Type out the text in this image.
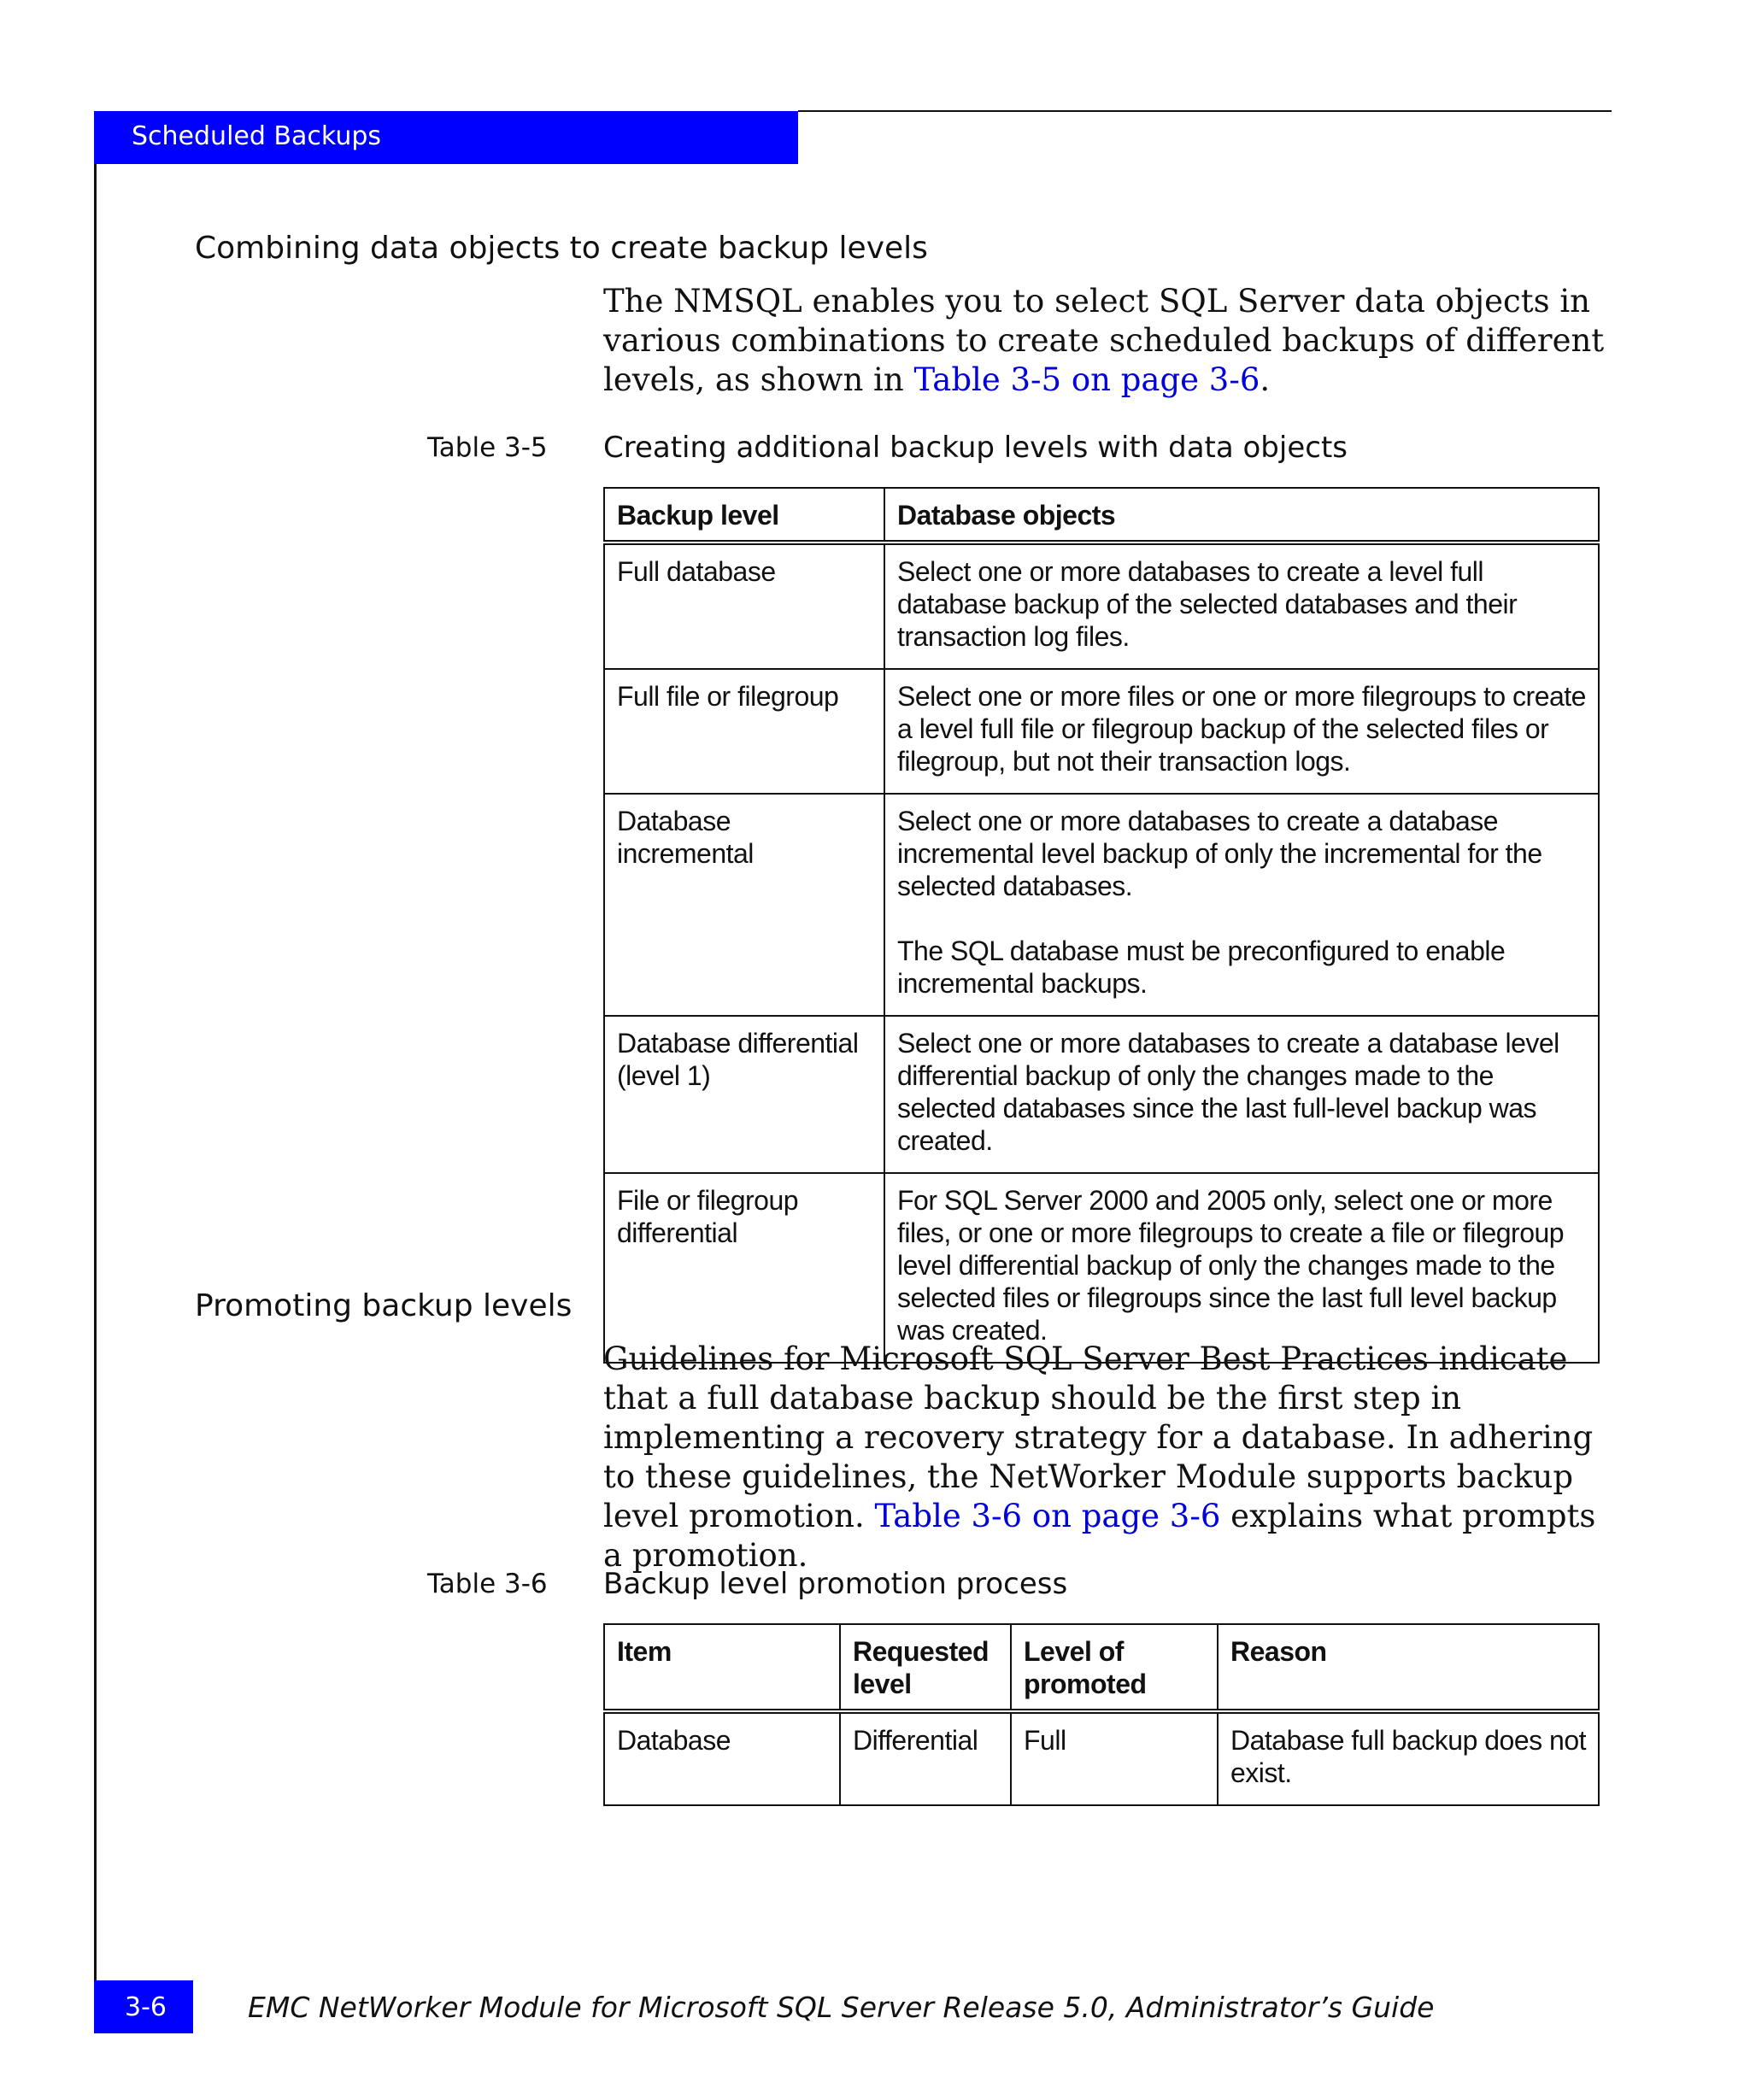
Scheduled Backups
Combining data objects to create backup levels

The NMSQL enables you to select SQL Server data objects in various combinations to create scheduled backups of different levels, as shown in Table 3-5 on page 3-6.

Table 3-5 Creating additional backup levels with data objects
Backup level	Database objects
Full database	Select one or more databases to create a level full database backup of the selected databases and their transaction log files.
Full file or filegroup	Select one or more files or one or more filegroups to create a level full file or filegroup backup of the selected files or filegroup, but not their transaction logs.
Database incremental	Select one or more databases to create a database incremental level backup of only the incremental for the selected databases.
The SQL database must be preconfigured to enable incremental backups.

Database differential (level 1)	Select one or more databases to create a database level differential backup of only the changes made to the selected databases since the last full-level backup was created.
File or filegroup differential	For SQL Server 2000 and 2005 only, select one or more files, or one or more filegroups to create a file or filegroup level differential backup of only the changes made to the selected files or filegroups since the last full level backup was created.
Promoting backup levels

Guidelines for Microsoft SQL Server Best Practices indicate that a full database backup should be the first step in implementing a recovery strategy for a database. In adhering to these guidelines, the NetWorker Module supports backup level promotion. Table 3-6 on page 3-6 explains what prompts a promotion.

Table 3-6 Backup level promotion process
Item	Requested level	Level of promoted	Reason
Database	Differential	Full	Database full backup does not exist.
3-6	EMC NetWorker Module for Microsoft SQL Server Release 5.0, Administrator’s Guide
